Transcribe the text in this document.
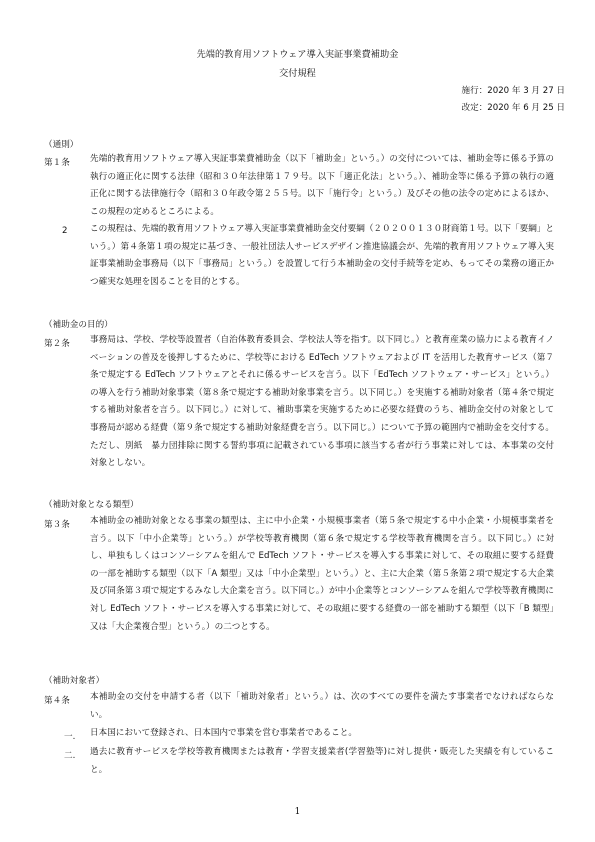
先端的教育用ソフトウェア導入実証事業費補助金
交付規程
施行：2020 年 3 月 27 日
改定：2020 年 6 月 25 日
（通則）
第１条 先端的教育用ソフトウェア導入実証事業費補助金（以下「補助金」という。）の交付については、補助金等に係る予算の執行の適正化に関する法律（昭和３０年法律第１７９号。以下「適正化法」という。）、補助金等に係る予算の執行の適正化に関する法律施行令（昭和３０年政令第２５５号。以下「施行令」という。）及びその他の法令の定めによるほか、この規程の定めるところによる。

2	この規程は、先端的教育用ソフトウェア導入実証事業費補助金交付要綱（２０２００１３０財商第１号。以下「要綱」という。）第４条第１項の規定に基づき、一般社団法人サービスデザイン推進協議会が、先端的教育用ソフトウェア導入実証事業補助金事務局（以下「事務局」という。）を設置して行う本補助金の交付手続等を定め、もってその業務の適正かつ確実な処理を図ることを目的とする。

（補助金の目的）
第２条 事務局は、学校、学校等設置者（自治体教育委員会、学校法人等を指す。以下同じ。）と教育産業の協力による教育イノベーションの普及を後押しするために、学校等における EdTech ソフトウェアおよび IT を活用した教育サービス（第７条で規定する EdTech ソフトウェアとそれに係るサービスを言う。以下「EdTech ソフトウェア・サービス」という。）の導入を行う補助対象事業（第８条で規定する補助対象事業を言う。以下同じ。）を実施する補助対象者（第４条で規定する補助対象者を言う。以下同じ。）に対して、補助事業を実施するために必要な経費のうち、補助金交付の対象として事務局が認める経費（第９条で規定する補助対象経費を言う。以下同じ。）について予算の範囲内で補助金を交付する。ただし、別紙　暴力団排除に関する誓約事項に記載されている事項に該当する者が行う事業に対しては、本事業の交付対象としない。

（補助対象となる類型）
第３条 本補助金の補助対象となる事業の類型は、主に中小企業・小規模事業者（第５条で規定する中小企業・小規模事業者を言う。以下「中小企業等」という。）が学校等教育機関（第６条で規定する学校等教育機関を言う。以下同じ。）に対し、単独もしくはコンソーシアムを組んで EdTech ソフト・サービスを導入する事業に対して、その取組に要する経費の一部を補助する類型（以下「A 類型」又は「中小企業型」という。）と、主に大企業（第５条第２項で規定する大企業及び同条第３項で規定するみなし大企業を言う。以下同じ。）が中小企業等とコンソーシアムを組んで学校等教育機関に対し EdTech ソフト・サービスを導入する事業に対して、その取組に要する経費の一部を補助する類型（以下「B 類型」又は「大企業複合型」という。）の二つとする。

（補助対象者）
第４条 本補助金の交付を申請する者（以下「補助対象者」という。）は、次のすべての要件を満たす事業者でなければならない。

一. 日本国において登録され、日本国内で事業を営む事業者であること。

二. 過去に教育サービスを学校等教育機関または教育・学習支援業者(学習塾等)に対し提供・販売した実績を有していること。

1
